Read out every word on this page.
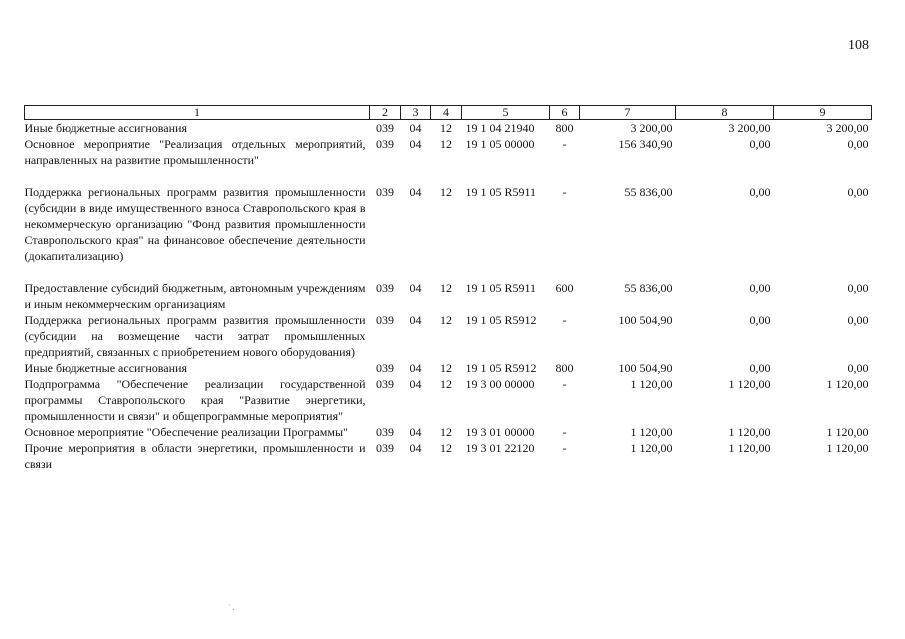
108
1	2	3	4	5	6	7	8	9
Иные бюджетные ассигнования	039	04	12	19 1 04 21940	800	3 200,00	3 200,00	3 200,00
Основное мероприятие "Реализация отдельных мероприятий, направленных на развитие промышленности"	039	04	12	19 1 05 00000	-	156 340,90	0,00	0,00
Поддержка региональных программ развития промышленности (субсидии в виде имущественного взноса Ставропольского края в некоммерческую организацию "Фонд развития промышленности Ставропольского края" на финансовое обеспечение деятельности (докапитализацию)	039	04	12	19 1 05 R5911	-	55 836,00	0,00	0,00
Предоставление субсидий бюджетным, автономным учреждениям и иным некоммерческим организациям	039	04	12	19 1 05 R5911	600	55 836,00	0,00	0,00
Поддержка региональных программ развития промышленности (субсидии на возмещение части затрат промышленных предприятий, связанных с приобретением нового оборудования)	039	04	12	19 1 05 R5912	-	100 504,90	0,00	0,00
Иные бюджетные ассигнования	039	04	12	19 1 05 R5912	800	100 504,90	0,00	0,00
Подпрограмма "Обеспечение реализации государственной программы Ставропольского края "Развитие энергетики, промышленности и связи" и общепрограммные мероприятия"	039	04	12	19 3 00 00000	-	1 120,00	1 120,00	1 120,00
Основное мероприятие "Обеспечение реализации Программы"	039	04	12	19 3 01 00000	-	1 120,00	1 120,00	1 120,00
Прочие мероприятия в области энергетики, промышленности и связи	039	04	12	19 3 01 22120	-	1 120,00	1 120,00	1 120,00
˙ .
